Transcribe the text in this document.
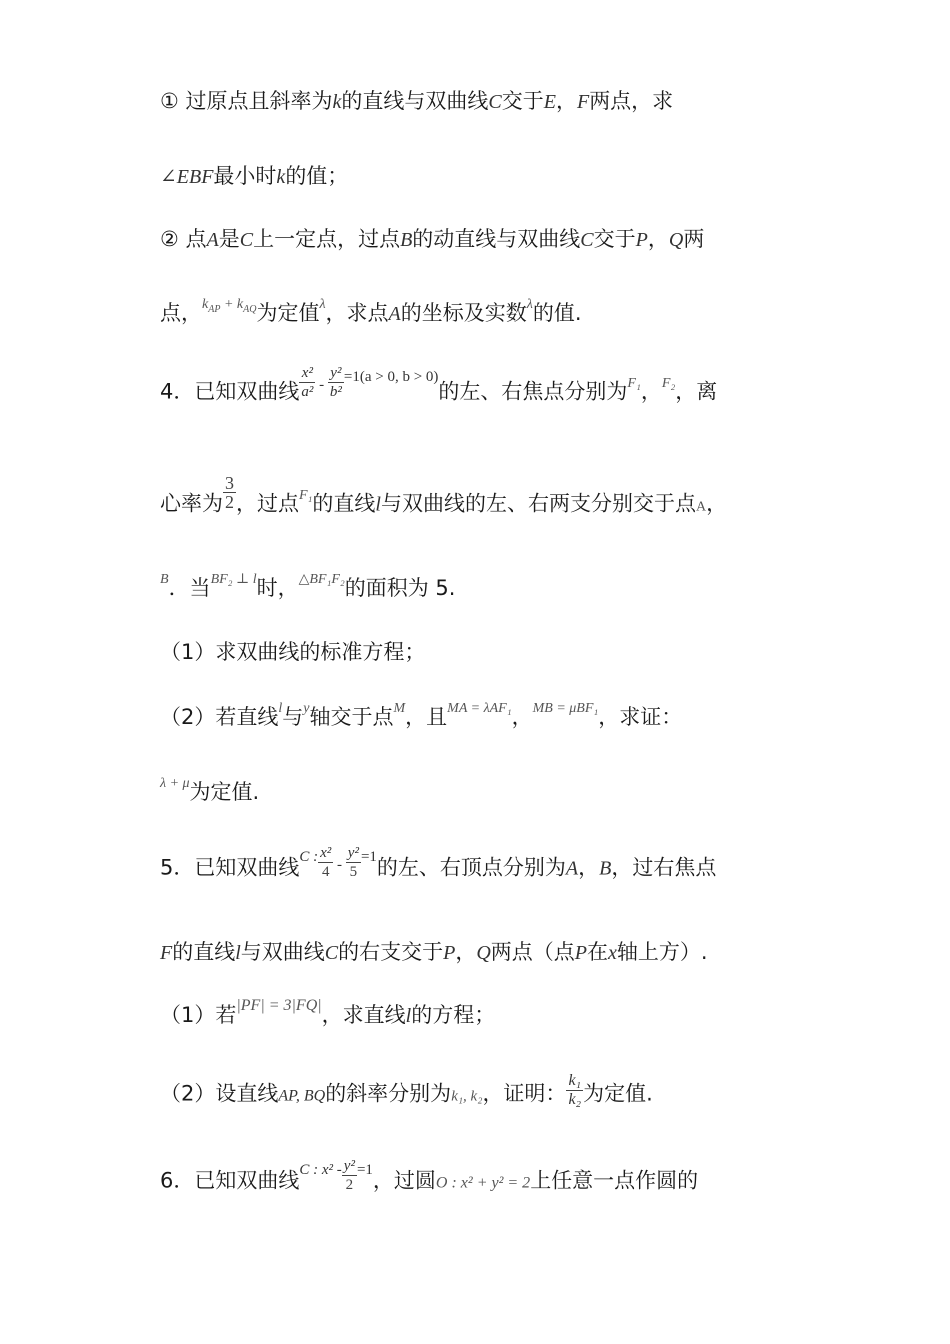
① 过原点且斜率为k的直线与双曲线C交于E，F两点，求
∠EBF最小时k的值；
② 点A是C上一定点，过点B的动直线与双曲线C交于P，Q两
点，$^{k_{AP} + k_{AQ}}$为定值$^\lambda$，求点A的坐标及实数$^\lambda$的值.
4．已知双曲线 $\frac{\text{x²}}{\text{a²}} - \frac{\text{y²}}{\text{b²}} ^{=1(a > 0, b > 0)}$的左、右焦点分别为$^{F_1}$，$^{F_2}$，离
心率为 $\frac{3}{2}$ ，过点$^{F_1}$的直线l与双曲线的左、右两支分别交于点A，
$^B$．当$^{BF_2 \perp l}$时，$^{\triangle BF_1F_2}$的面积为 5.
（1）求双曲线的标准方程；
（2）若直线$^l$与$^y$轴交于点$^M$，且$^{MA = \lambda AF_1}$，$^{MB = \mu BF_1}$，求证：
$^{\lambda + \mu}$为定值.
5．已知双曲线$^{C :} \frac{\text{x²}}{4} - \frac{\text{y²}}{5} ^{=1}$的左、右顶点分别为A，B，过右焦点
F的直线l与双曲线C的右支交于P，Q两点（点P在x轴上方）.
（1）若$^{|PF| = 3|FQ|}$，求直线l的方程；
（2）设直线AP, BQ的斜率分别为k₁, k₂，证明： $\frac{\text{k₁}}{\text{k₂}}$ 为定值.
6．已知双曲线$^{C : x^2 -} \frac{\text{y²}}{2} ^{=1}$，过圆O : x² + y² = 2上任意一点作圆的
